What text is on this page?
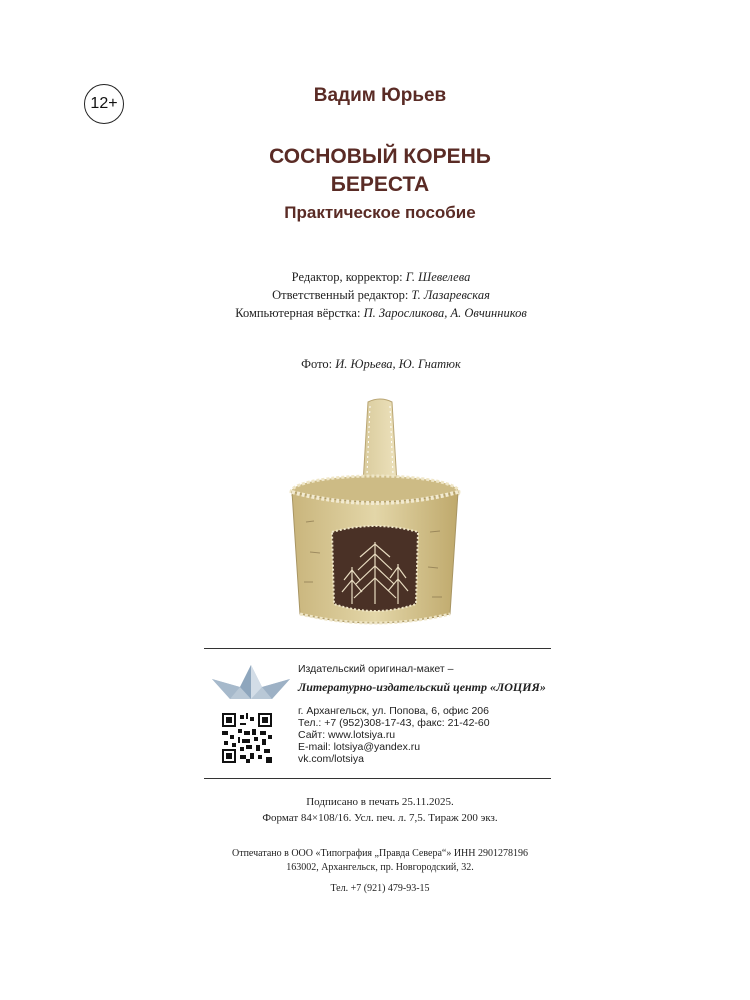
12+	Вадим Юрьев
СОСНОВЫЙ КОРЕНЬ
БЕРЕСТА
Практическое пособие
Редактор, корректор: Г. Шевелева
Ответственный редактор: Т. Лазаревская
Компьютерная вёрстка: П. Заросликова, А. Овчинников
Фото: И. Юрьева, Ю. Гнатюк
Издательский оригинал-макет –
Литературно-издательский центр «ЛОЦИЯ»
г. Архангельск, ул. Попова, 6, офис 206
Тел.: +7 (952)308-17-43, факс: 21-42-60
Сайт: www.lotsiya.ru
E-mail: lotsiya@yandex.ru
vk.com/lotsiya
Подписано в печать 25.11.2025.
Формат 84×108/16. Усл. печ. л. 7,5. Тираж 200 экз.
Отпечатано в ООО «Типография „Правда Севера“» ИНН 2901278196
163002, Архангельск, пр. Новгородский, 32.
Тел. +7 (921) 479-93-15
